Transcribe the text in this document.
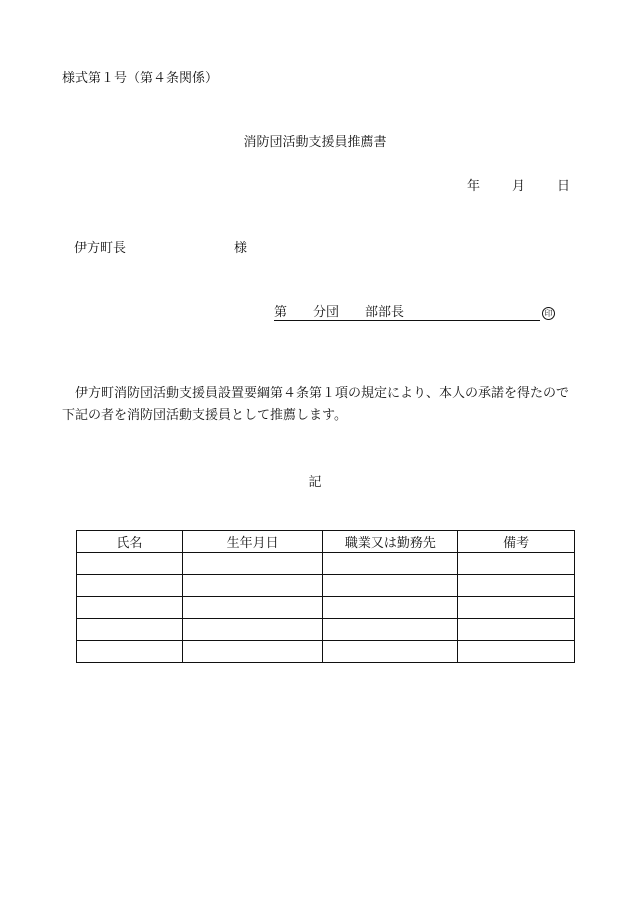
様式第１号（第４条関係）
消防団活動支援員推薦書
年 月 日
伊方町長	様
第 分団 部部長	印
伊方町消防団活動支援員設置要綱第４条第１項の規定により、本人の承諾を得たので下記の者を消防団活動支援員として推薦します。
記
氏名	生年月日	職業又は勤務先	備考
